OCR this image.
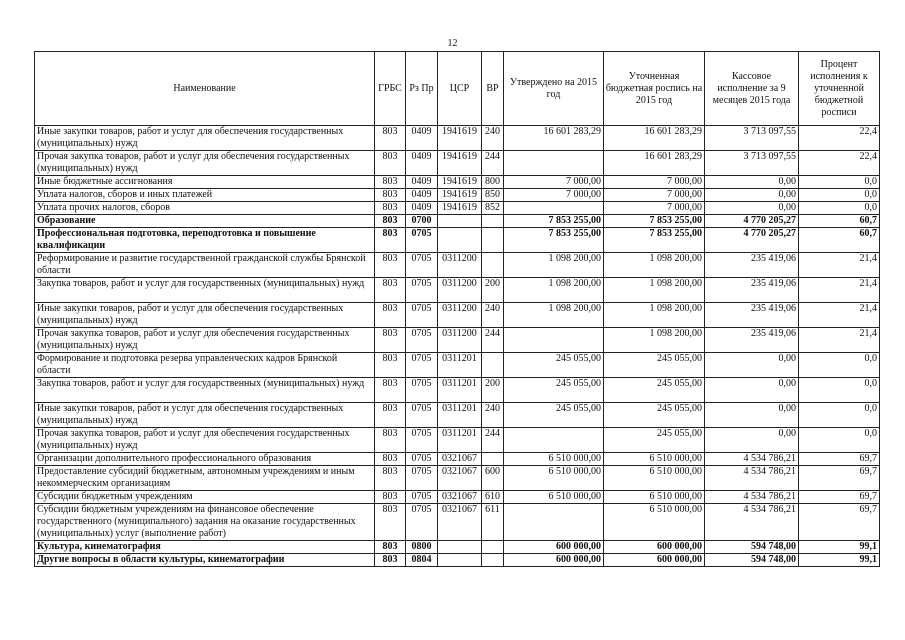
12
Наименование	ГРБС	Рз Пр	ЦСР	ВР	Утверждено на 2015 год	Уточненная бюджетная роспись на 2015 год	Кассовое исполнение за 9 месяцев 2015 года	Процент исполнения к уточненной бюджетной росписи
Иные закупки товаров, работ и услуг для обеспечения государственных (муниципальных) нужд	803	0409	1941619	240	16 601 283,29	16 601 283,29	3 713 097,55	22,4
Прочая закупка товаров, работ и услуг для обеспечения государственных (муниципальных) нужд	803	0409	1941619	244		16 601 283,29	3 713 097,55	22,4
Иные бюджетные ассигнования	803	0409	1941619	800	7 000,00	7 000,00	0,00	0,0
Уплата налогов, сборов и иных платежей	803	0409	1941619	850	7 000,00	7 000,00	0,00	0,0
Уплата прочих налогов, сборов	803	0409	1941619	852		7 000,00	0,00	0,0
Образование	803	0700			7 853 255,00	7 853 255,00	4 770 205,27	60,7
Профессиональная подготовка, переподготовка и повышение квалификации	803	0705			7 853 255,00	7 853 255,00	4 770 205,27	60,7
Реформирование и развитие государственной гражданской службы Брянской области	803	0705	0311200		1 098 200,00	1 098 200,00	235 419,06	21,4
Закупка товаров, работ и услуг для государственных (муниципальных) нужд	803	0705	0311200	200	1 098 200,00	1 098 200,00	235 419,06	21,4
Иные закупки товаров, работ и услуг для обеспечения государственных (муниципальных) нужд	803	0705	0311200	240	1 098 200,00	1 098 200,00	235 419,06	21,4
Прочая закупка товаров, работ и услуг для обеспечения государственных (муниципальных) нужд	803	0705	0311200	244		1 098 200,00	235 419,06	21,4
Формирование и подготовка резерва управленческих кадров Брянской области	803	0705	0311201		245 055,00	245 055,00	0,00	0,0
Закупка товаров, работ и услуг для государственных (муниципальных) нужд	803	0705	0311201	200	245 055,00	245 055,00	0,00	0,0
Иные закупки товаров, работ и услуг для обеспечения государственных (муниципальных) нужд	803	0705	0311201	240	245 055,00	245 055,00	0,00	0,0
Прочая закупка товаров, работ и услуг для обеспечения государственных (муниципальных) нужд	803	0705	0311201	244		245 055,00	0,00	0,0
Организации дополнительного профессионального образования	803	0705	0321067		6 510 000,00	6 510 000,00	4 534 786,21	69,7
Предоставление субсидий бюджетным, автономным учреждениям и иным некоммерческим организациям	803	0705	0321067	600	6 510 000,00	6 510 000,00	4 534 786,21	69,7
Субсидии бюджетным учреждениям	803	0705	0321067	610	6 510 000,00	6 510 000,00	4 534 786,21	69,7
Субсидии бюджетным учреждениям на финансовое обеспечение государственного (муниципального) задания на оказание государственных (муниципальных) услуг (выполнение работ)	803	0705	0321067	611		6 510 000,00	4 534 786,21	69,7
Культура, кинематография	803	0800			600 000,00	600 000,00	594 748,00	99,1
Другие вопросы в области культуры, кинематографии	803	0804			600 000,00	600 000,00	594 748,00	99,1
